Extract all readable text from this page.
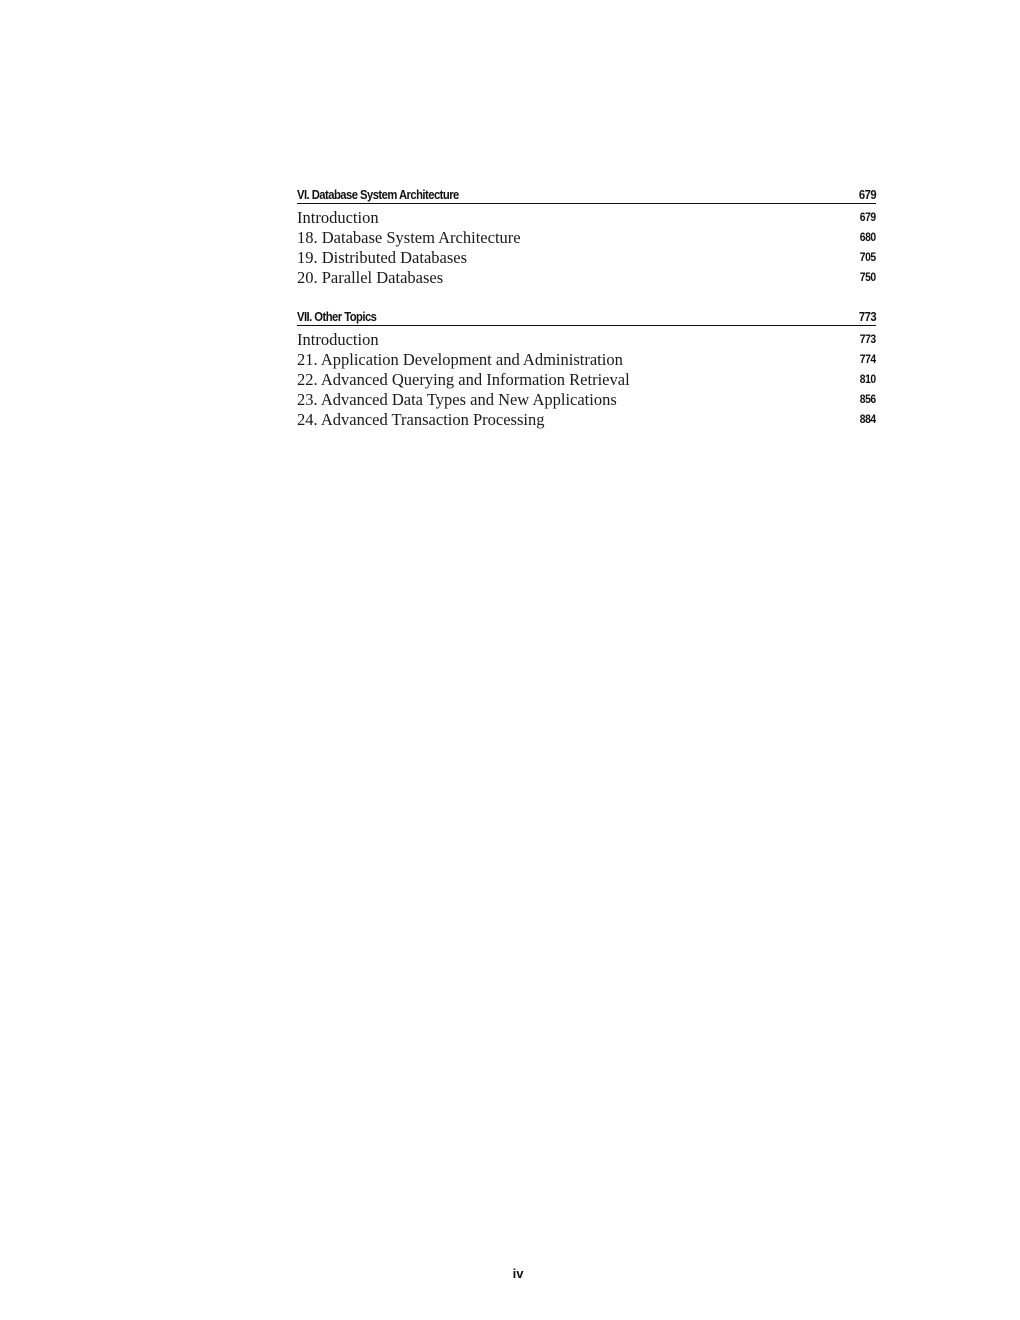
VI. Database System Architecture	679
Introduction	679
18. Database System Architecture	680
19. Distributed Databases	705
20. Parallel Databases	750
VII. Other Topics	773
Introduction	773
21. Application Development and Administration	774
22. Advanced Querying and Information Retrieval	810
23. Advanced Data Types and New Applications	856
24. Advanced Transaction Processing	884
iv
